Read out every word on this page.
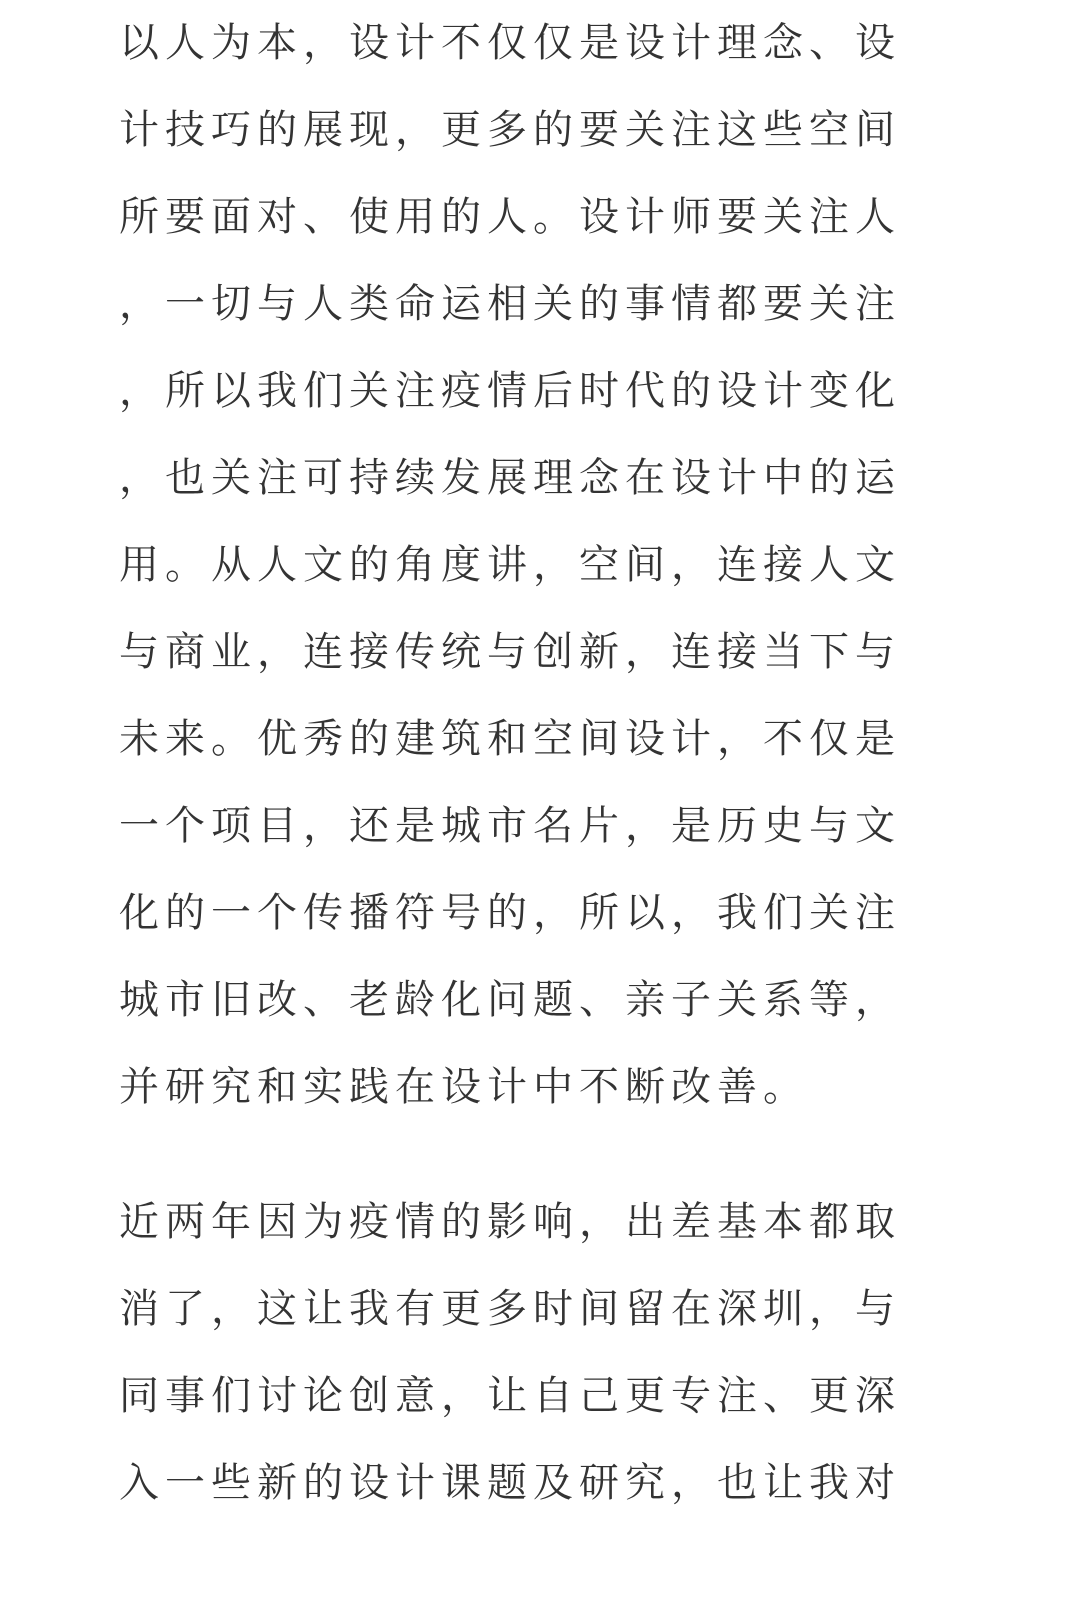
以人为本，设计不仅仅是设计理念、设
计技巧的展现，更多的要关注这些空间
所要面对、使用的人。设计师要关注人
，一切与人类命运相关的事情都要关注
，所以我们关注疫情后时代的设计变化
，也关注可持续发展理念在设计中的运
用。从人文的角度讲，空间，连接人文
与商业，连接传统与创新，连接当下与
未来。优秀的建筑和空间设计，不仅是
一个项目，还是城市名片，是历史与文
化的一个传播符号的，所以，我们关注
城市旧改、老龄化问题、亲子关系等，
并研究和实践在设计中不断改善。
近两年因为疫情的影响，出差基本都取
消了，这让我有更多时间留在深圳，与
同事们讨论创意，让自己更专注、更深
入一些新的设计课题及研究，也让我对
